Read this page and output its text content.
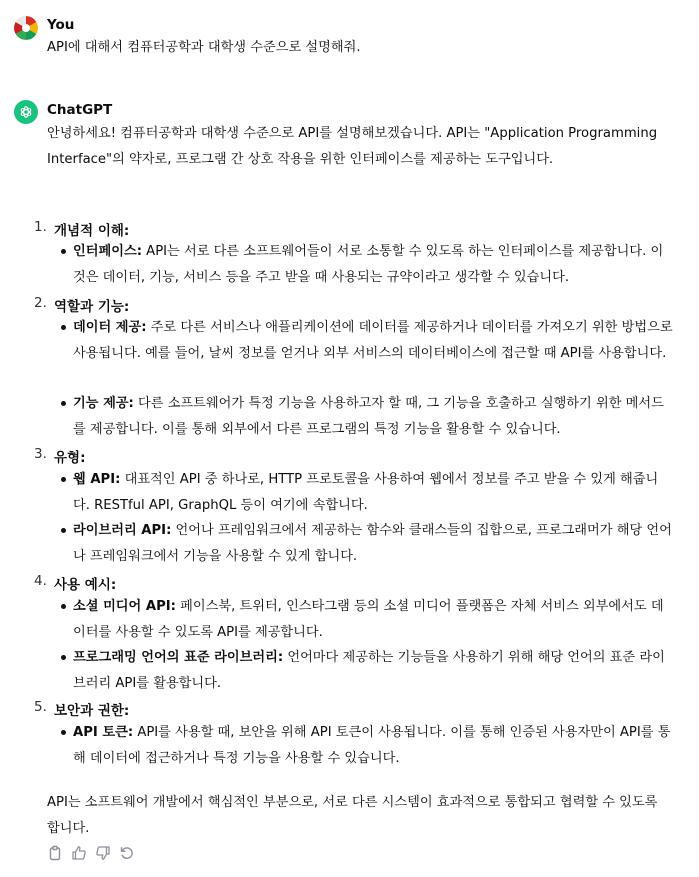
You
API에 대해서 컴퓨터공학과 대학생 수준으로 설명해줘.
ChatGPT
안녕하세요! 컴퓨터공학과 대학생 수준으로 API를 설명해보겠습니다. API는 "Application Programming Interface"의 약자로, 프로그램 간 상호 작용을 위한 인터페이스를 제공하는 도구입니다.
1. 개념적 이해:
인터페이스: API는 서로 다른 소프트웨어들이 서로 소통할 수 있도록 하는 인터페이스를 제공합니다. 이것은 데이터, 기능, 서비스 등을 주고 받을 때 사용되는 규약이라고 생각할 수 있습니다.
2. 역할과 기능:
데이터 제공: 주로 다른 서비스나 애플리케이션에 데이터를 제공하거나 데이터를 가져오기 위한 방법으로 사용됩니다. 예를 들어, 날씨 정보를 얻거나 외부 서비스의 데이터베이스에 접근할 때 API를 사용합니다.
기능 제공: 다른 소프트웨어가 특정 기능을 사용하고자 할 때, 그 기능을 호출하고 실행하기 위한 메서드를 제공합니다. 이를 통해 외부에서 다른 프로그램의 특정 기능을 활용할 수 있습니다.
3. 유형:
웹 API: 대표적인 API 중 하나로, HTTP 프로토콜을 사용하여 웹에서 정보를 주고 받을 수 있게 해줍니다. RESTful API, GraphQL 등이 여기에 속합니다.
라이브러리 API: 언어나 프레임워크에서 제공하는 함수와 클래스들의 집합으로, 프로그래머가 해당 언어나 프레임워크에서 기능을 사용할 수 있게 합니다.
4. 사용 예시:
소셜 미디어 API: 페이스북, 트위터, 인스타그램 등의 소셜 미디어 플랫폼은 자체 서비스 외부에서도 데이터를 사용할 수 있도록 API를 제공합니다.
프로그래밍 언어의 표준 라이브러리: 언어마다 제공하는 기능들을 사용하기 위해 해당 언어의 표준 라이브러리 API를 활용합니다.
5. 보안과 권한:
API 토큰: API를 사용할 때, 보안을 위해 API 토큰이 사용됩니다. 이를 통해 인증된 사용자만이 API를 통해 데이터에 접근하거나 특정 기능을 사용할 수 있습니다.
API는 소프트웨어 개발에서 핵심적인 부분으로, 서로 다른 시스템이 효과적으로 통합되고 협력할 수 있도록 합니다.
